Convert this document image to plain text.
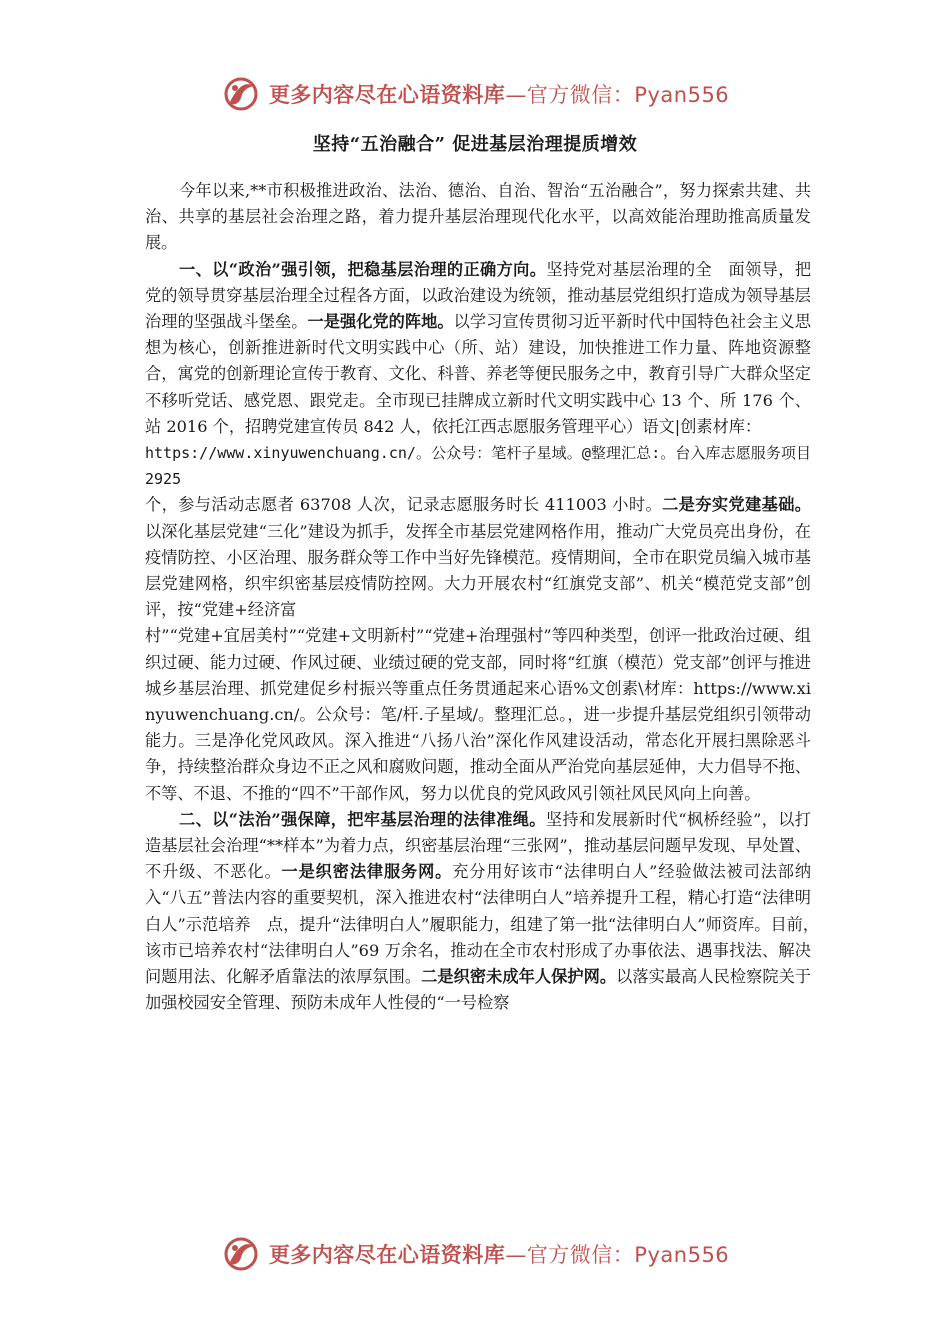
更多内容尽在心语资料库—官方微信：Pyan556
坚持“五治融合” 促进基层治理提质增效

今年以来,**市积极推进政治、法治、德治、自治、智治“五治融合”，努力探索共建、共治、共享的基层社会治理之路，着力提升基层治理现代化水平，以高效能治理助推高质量发展。

一、以“政治”强引领，把稳基层治理的正确方向。坚持党对基层治理的全　面领导，把党的领导贯穿基层治理全过程各方面，以政治建设为统领，推动基层党组织打造成为领导基层治理的坚强战斗堡垒。一是强化党的阵地。以学习宣传贯彻习近平新时代中国特色社会主义思想为核心，创新推进新时代文明实践中心（所、站）建设，加快推进工作力量、阵地资源整合，寓党的创新理论宣传于教育、文化、科普、养老等便民服务之中，教育引导广大群众坚定不移听党话、感党恩、跟党走。全市现已挂牌成立新时代文明实践中心 13 个、所 176 个、站 2016 个，招聘党建宣传员 842 人，依托江西志愿服务管理平心）语文|创素材库：

https://www.xinyuwenchuang.cn/。公众号：笔杆子星域。@整理汇总:。台入库志愿服务项目 2925

个，参与活动志愿者 63708 人次，记录志愿服务时长 411003 小时。二是夯实党建基础。以深化基层党建“三化”建设为抓手，发挥全市基层党建网格作用，推动广大党员亮出身份，在疫情防控、小区治理、服务群众等工作中当好先锋模范。疫情期间，全市在职党员编入城市基层党建网格，织牢织密基层疫情防控网。大力开展农村“红旗党支部”、机关“模范党支部”创评，按“党建+经济富

村”“党建+宜居美村”“党建+文明新村”“党建+治理强村”等四种类型，创评一批政治过硬、组织过硬、能力过硬、作风过硬、业绩过硬的党支部，同时将“红旗（模范）党支部”创评与推进城乡基层治理、抓党建促乡村振兴等重点任务贯通起来心语%文创素\材库：https://www.xinyuwenchuang.cn/。公众号：笔/杆.子星域/。整理汇总。，进一步提升基层党组织引领带动能力。三是净化党风政风。深入推进“八扬八治”深化作风建设活动，常态化开展扫黑除恶斗争，持续整治群众身边不正之风和腐败问题，推动全面从严治党向基层延伸，大力倡导不拖、不等、不退、不推的“四不”干部作风，努力以优良的党风政风引领社风民风向上向善。

二、以“法治”强保障，把牢基层治理的法律准绳。坚持和发展新时代“枫桥经验”，以打造基层社会治理“**样本”为着力点，织密基层治理“三张网”，推动基层问题早发现、早处置、不升级、不恶化。一是织密法律服务网。充分用好该市“法律明白人”经验做法被司法部纳入“八五”普法内容的重要契机，深入推进农村“法律明白人”培养提升工程，精心打造“法律明白人”示范培养　点，提升“法律明白人”履职能力，组建了第一批“法律明白人”师资库。目前，　该市已培养农村“法律明白人”69 万余名，推动在全市农村形成了办事依法、遇事找法、解决问题用法、化解矛盾靠法的浓厚氛围。二是织密未成年人保护网。以落实最高人民检察院关于加强校园安全管理、预防未成年人性侵的“一号检察

更多内容尽在心语资料库—官方微信：Pyan556
